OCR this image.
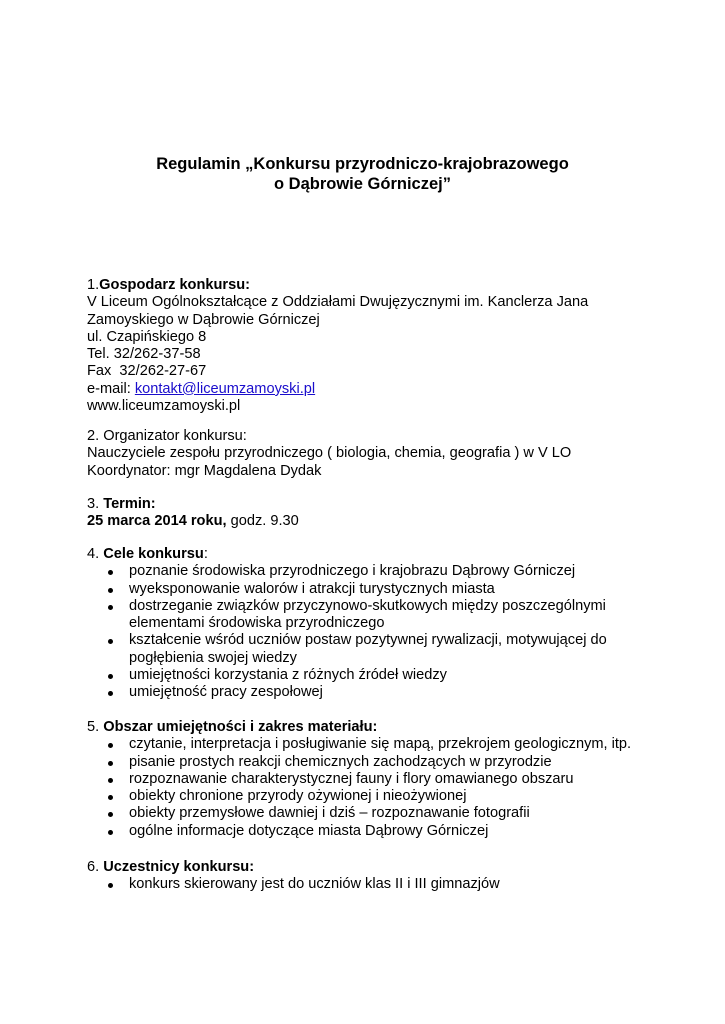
Regulamin „Konkursu przyrodniczo-krajobrazowego
o Dąbrowie Górniczej”
1.Gospodarz konkursu:
V Liceum Ogólnokształcące z Oddziałami Dwujęzycznymi im. Kanclerza Jana
Zamoyskiego w Dąbrowie Górniczej
ul. Czapińskiego 8
Tel. 32/262-37-58
Fax  32/262-27-67
e-mail: kontakt@liceumzamoyski.pl
www.liceumzamoyski.pl
2. Organizator konkursu:
Nauczyciele zespołu przyrodniczego ( biologia, chemia, geografia ) w V LO
Koordynator: mgr Magdalena Dydak
3. Termin:
25 marca 2014 roku, godz. 9.30
4. Cele konkursu:
poznanie środowiska przyrodniczego i krajobrazu Dąbrowy Górniczej
wyeksponowanie walorów i atrakcji turystycznych miasta
dostrzeganie związków przyczynowo-skutkowych między poszczególnymi elementami środowiska przyrodniczego
kształcenie wśród uczniów postaw pozytywnej rywalizacji, motywującej do pogłębienia swojej wiedzy
umiejętności korzystania z różnych źródeł wiedzy
umiejętność pracy zespołowej
5. Obszar umiejętności i zakres materiału:
czytanie, interpretacja i posługiwanie się mapą, przekrojem geologicznym, itp.
pisanie prostych reakcji chemicznych zachodzących w przyrodzie
rozpoznawanie charakterystycznej fauny i flory omawianego obszaru
obiekty chronione przyrody ożywionej i nieożywionej
obiekty przemysłowe dawniej i dziś – rozpoznawanie fotografii
ogólne informacje dotyczące miasta Dąbrowy Górniczej
6. Uczestnicy konkursu:
konkurs skierowany jest do uczniów klas II i III gimnazjów
